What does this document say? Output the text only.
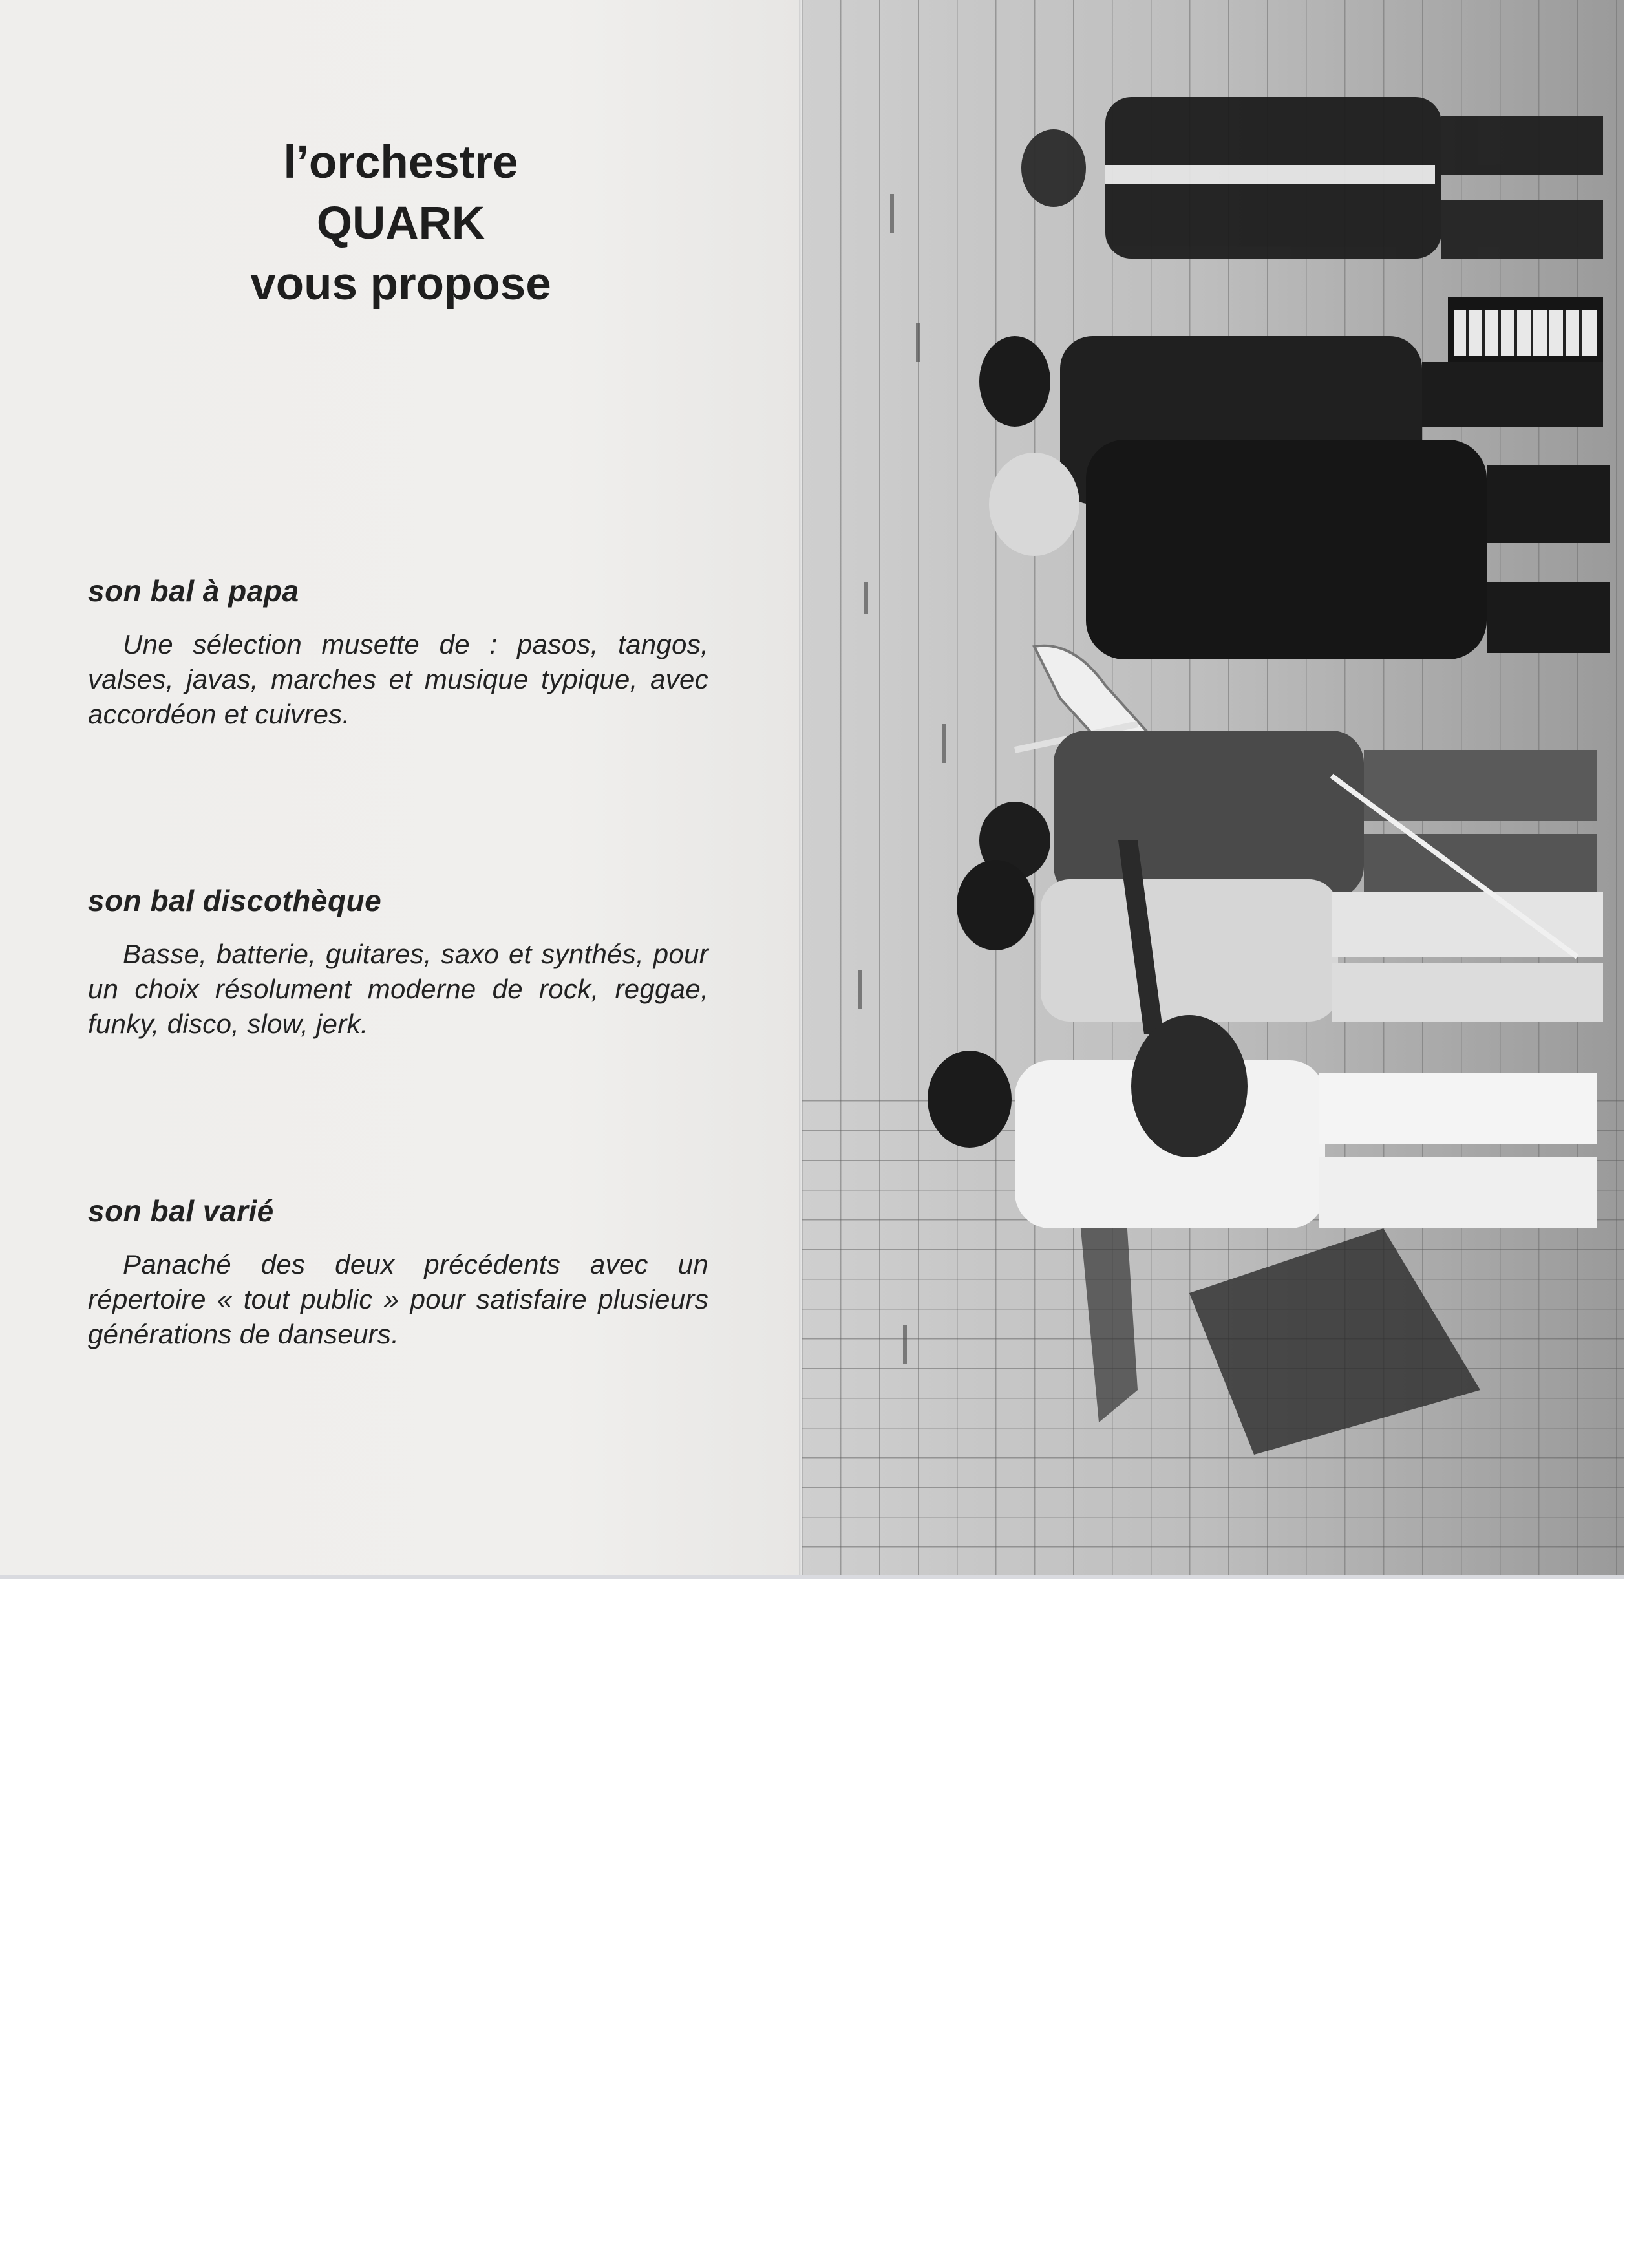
l’orchestre
QUARK
vous propose

son bal à papa

Une sélection musette de : pasos, tangos, valses, javas, marches et musique typique, avec accordéon et cuivres.

son bal discothèque

Basse, batterie, guitares, saxo et synthés, pour un choix résolument moderne de rock, reggae, funky, disco, slow, jerk.

son bal varié

Panaché des deux précédents avec un répertoire « tout public » pour satisfaire plusieurs générations de danseurs.
